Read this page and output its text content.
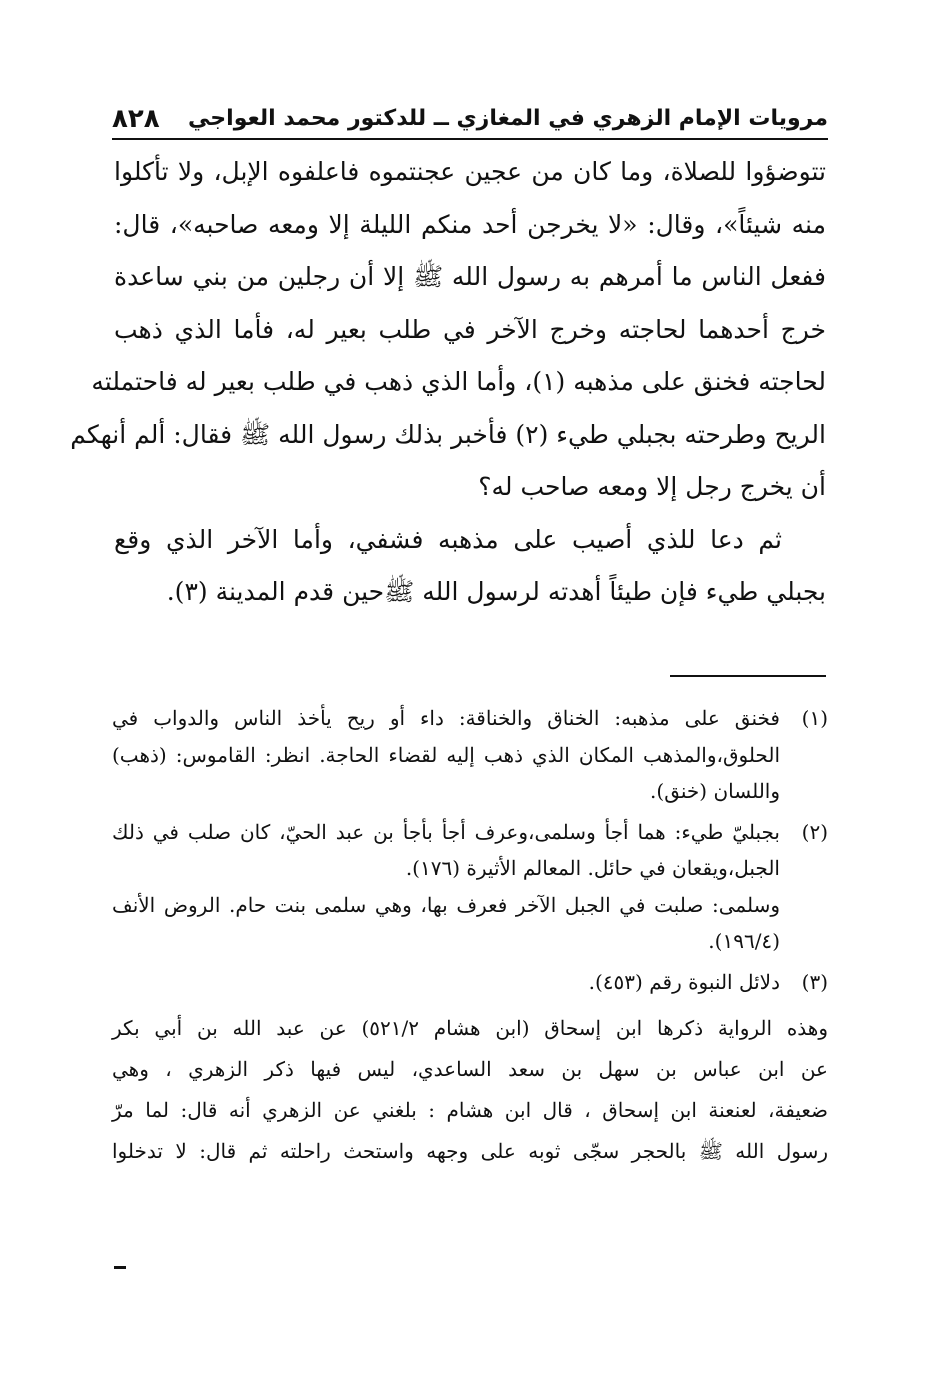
مرويات الإمام الزهري في المغازي ــ للدكتور محمد العواجي
٨٢٨

تتوضؤوا للصلاة، وما كان من عجين عجنتموه فاعلفوه الإبل، ولا تأكلوا
منه شيئاً»، وقال: «لا يخرجن أحد منكم الليلة إلا ومعه صاحبه»، قال:
ففعل الناس ما أمرهم به رسول الله ﷺ إلا أن رجلين من بني ساعدة
خرج أحدهما لحاجته وخرج الآخر في طلب بعير له، فأما الذي ذهب
لحاجته فخنق على مذهبه (١)، وأما الذي ذهب في طلب بعير له فاحتملته
الريح وطرحته بجبلي طيء (٢) فأخبر بذلك رسول الله ﷺ فقال: ألم أنهكم
أن يخرج رجل إلا ومعه صاحب له؟

ثم دعا للذي أصيب على مذهبه فشفي، وأما الآخر الذي وقع
بجبلي طيء فإن طيئاً أهدته لرسول الله ﷺحين قدم المدينة (٣).

(١)
فخنق على مذهبه: الخناق والخناقة: داء أو ريح يأخذ الناس والدواب في
الحلوق،والمذهب المكان الذي ذهب إليه لقضاء الحاجة. انظر: القاموس: (ذهب)
واللسان (خنق).
(٢)
بجبليّ طيء: هما أجأ وسلمى،وعرف أجأ بأجأ بن عبد الحيّ، كان صلب في ذلك
الجبل،ويقعان في حائل. المعالم الأثيرة (١٧٦).
وسلمى: صلبت في الجبل الآخر فعرف بها، وهي سلمى بنت حام. الروض الأنف
(١٩٦/٤).
(٣)
دلائل النبوة رقم (٤٥٣).
وهذه الرواية ذكرها ابن إسحاق (ابن هشام ٥٢١/٢) عن عبد الله بن أبي بكر
عن ابن عباس بن سهل بن سعد الساعدي، ليس فيها ذكر الزهري ، وهي
ضعيفة، لعنعنة ابن إسحاق ، قال ابن هشام : بلغني عن الزهري أنه قال: لما مرّ
رسول الله ﷺ بالحجر سجّى ثوبه على وجهه واستحث راحلته ثم قال: لا تدخلوا
